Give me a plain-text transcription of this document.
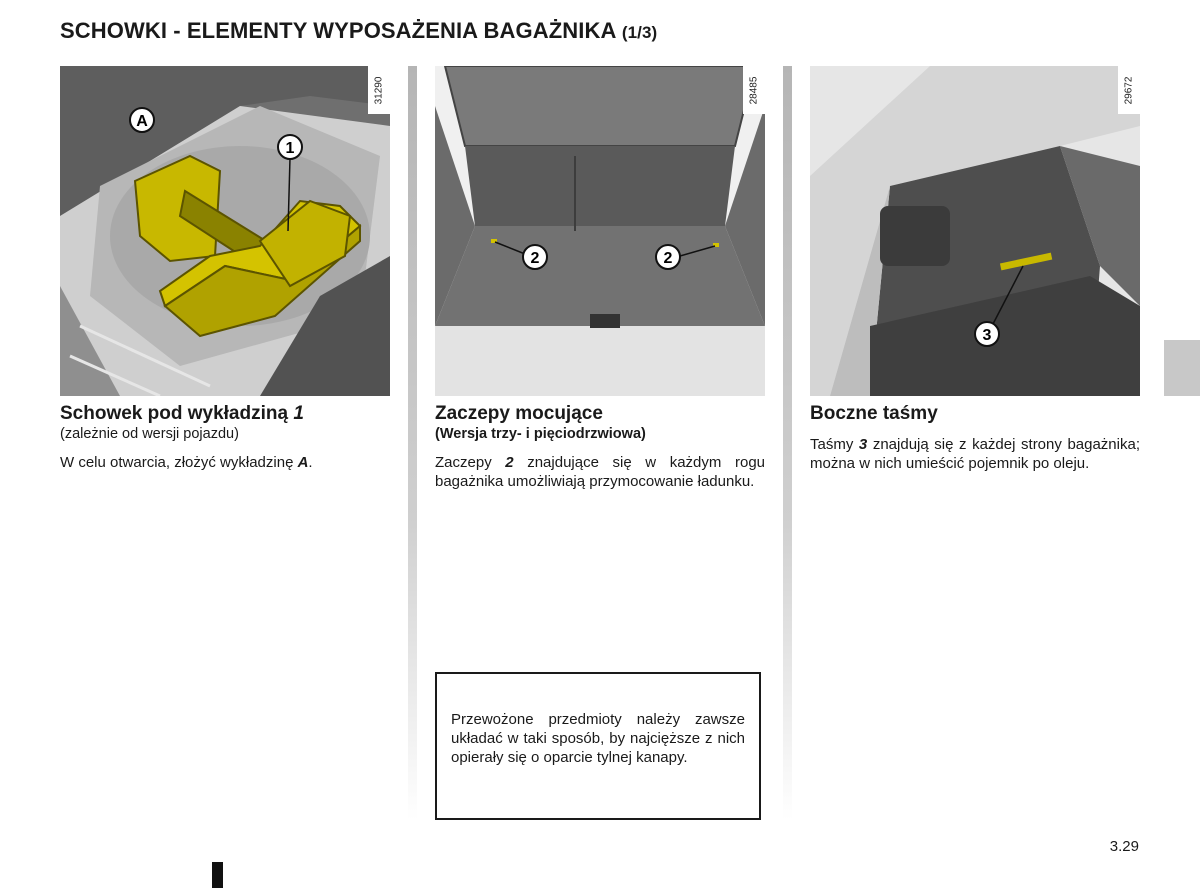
SCHOWKI - ELEMENTY WYPOSAŻENIA BAGAŻNIKA (1/3)
A
1
31290
2	2
28485
3
29672
Schowek pod wykładziną 1

(zależnie od wersji pojazdu)

W celu otwarcia, złożyć wykładzinę A.

Zaczepy mocujące

(Wersja trzy- i pięciodrzwiowa)

Zaczepy 2 znajdujące się w każdym rogu bagażnika umożliwiają przymocowanie ładunku.

Boczne taśmy

Taśmy 3 znajdują się z każdej strony bagażnika; można w nich umieścić pojemnik po oleju.

Przewożone przedmioty należy zawsze układać w taki sposób, by najcięższe z nich opierały się o oparcie tylnej kanapy.

3.29
